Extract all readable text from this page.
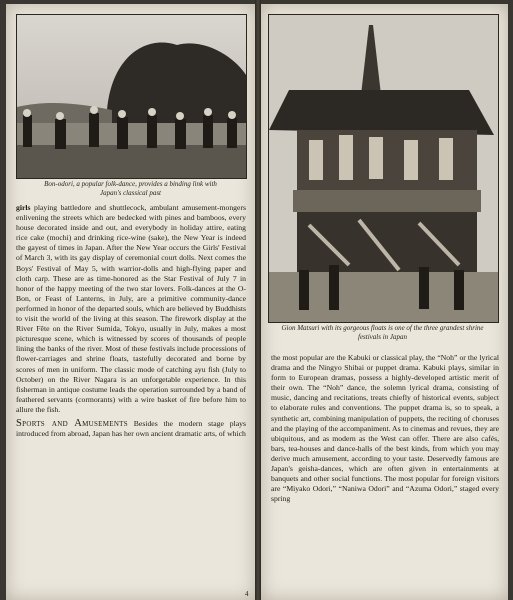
Bon-odori, a popular folk-dance, provides a binding link with Japan's classical past

girls playing battledore and shuttlecock, ambulant amusement-mongers enlivening the streets which are bedecked with pines and bamboos, every house decorated inside and out, and everybody in holiday attire, eating rice cake (mochi) and drinking rice-wine (sake), the New Year is indeed the gayest of times in Japan. After the New Year occurs the Girls' Festival of March 3, with its gay display of ceremonial court dolls. Next comes the Boys' Festival of May 5, with warrior-dolls and high-flying paper and cloth carp. These are as time-honored as the Star Festival of July 7 in honor of the happy meeting of the two star lovers. Folk-dances at the O-Bon, or Feast of Lanterns, in July, are a primitive community-dance performed in honor of the departed souls, which are believed by Buddhists to visit the world of the living at this season. The firework display at the River Fête on the River Sumida, Tokyo, usually in July, makes a most picturesque scene, which is witnessed by scores of thousands of people lining the banks of the river. Most of these festivals include processions of flower-carriages and shrine floats, tastefully decorated and borne by scores of men in uniform. The classic mode of catching ayu fish (July to October) on the River Nagara is an unforgetable experience. In this fisherman in antique costume leads the operation surrounded by a band of feathered servants (cormorants) with a wire basket of fire before him to allure the fish.

Sports and Amusements Besides the modern stage plays introduced from abroad, Japan has her own ancient dramatic arts, of which

Gion Matsuri with its gorgeous floats is one of the three grandest shrine festivals in Japan
the most popular are the Kabuki or classical play, the “Noh” or the lyrical drama and the Ningyo Shibai or puppet drama. Kabuki plays, similar in form to European dramas, possess a highly-developed artistic merit of their own. The “Noh” dance, the solemn lyrical drama, consisting of music, dancing and recitations, treats chiefly of historical events, subject to elaborate rules and conventions. The puppet drama is, so to speak, a synthetic art, combining manipulation of puppets, the reciting of choruses and the playing of the accompaniment. As to cinemas and revues, they are ubiquitous, and as modern as the West can offer. There are also cafés, bars, tea-houses and dance-halls of the best kinds, from which you may derive much amusement, according to your taste. Deservedly famous are Japan's geisha-dances, which are often given in entertainments at banquets and other social functions. The most popular for foreign visitors are “Miyako Odori,” “Naniwa Odori” and “Azuma Odori,” staged every spring
4
